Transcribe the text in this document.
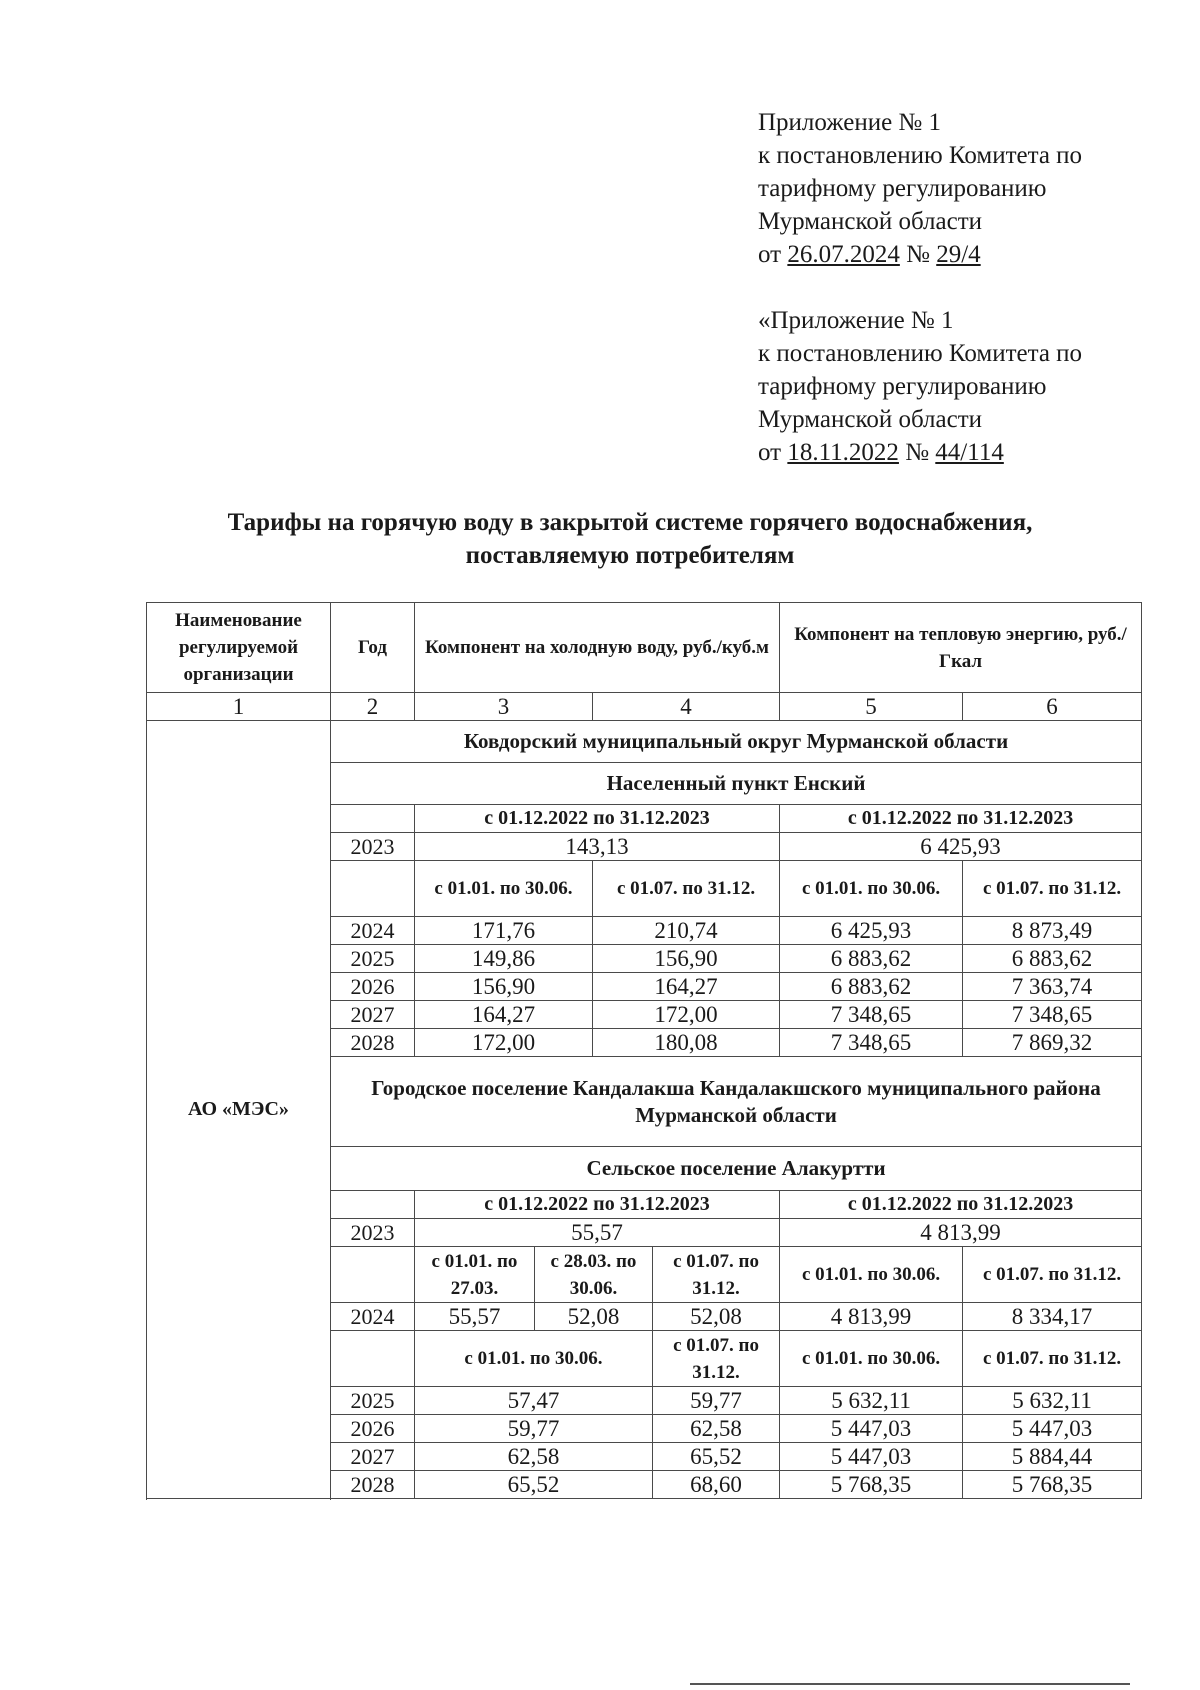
Приложение № 1
к постановлению Комитета по
тарифному регулированию
Мурманской области
от 26.07.2024 № 29/4
«Приложение № 1
к постановлению Комитета по
тарифному регулированию
Мурманской области
от 18.11.2022 № 44/114
Тарифы на горячую воду в закрытой системе горячего водоснабжения,
поставляемую потребителям
Наименование регулируемой организации	Год	Компонент на холодную воду, руб./куб.м				Компонент на тепловую энергию, руб./Гкал	
1	2	3		4		5	6
АО «МЭС»	Ковдорский муниципальный округ Мурманской области						
	Населенный пункт Енский						
		с 01.12.2022 по 31.12.2023				с 01.12.2022 по 31.12.2023	
	2023	143,13				6 425,93	
		с 01.01. по 30.06.		с 01.07. по 31.12.		с 01.01. по 30.06.	с 01.07. по 31.12.
	2024	171,76		210,74		6 425,93	8 873,49
	2025	149,86		156,90		6 883,62	6 883,62
	2026	156,90		164,27		6 883,62	7 363,74
	2027	164,27		172,00		7 348,65	7 348,65
	2028	172,00		180,08		7 348,65	7 869,32
	Городское поселение Кандалакша Кандалакшского муниципального района Мурманской области						
	Сельское поселение Алакуртти						
		с 01.12.2022 по 31.12.2023				с 01.12.2022 по 31.12.2023	
	2023	55,57				4 813,99	
		с 01.01. по 27.03.	с 28.03. по 30.06.		с 01.07. по 31.12.	с 01.01. по 30.06.	с 01.07. по 31.12.
	2024	55,57	52,08		52,08	4 813,99	8 334,17
		с 01.01. по 30.06.			с 01.07. по 31.12.	с 01.01. по 30.06.	с 01.07. по 31.12.
	2025	57,47			59,77	5 632,11	5 632,11
	2026	59,77			62,58	5 447,03	5 447,03
	2027	62,58			65,52	5 447,03	5 884,44
	2028	65,52			68,60	5 768,35	5 768,35
